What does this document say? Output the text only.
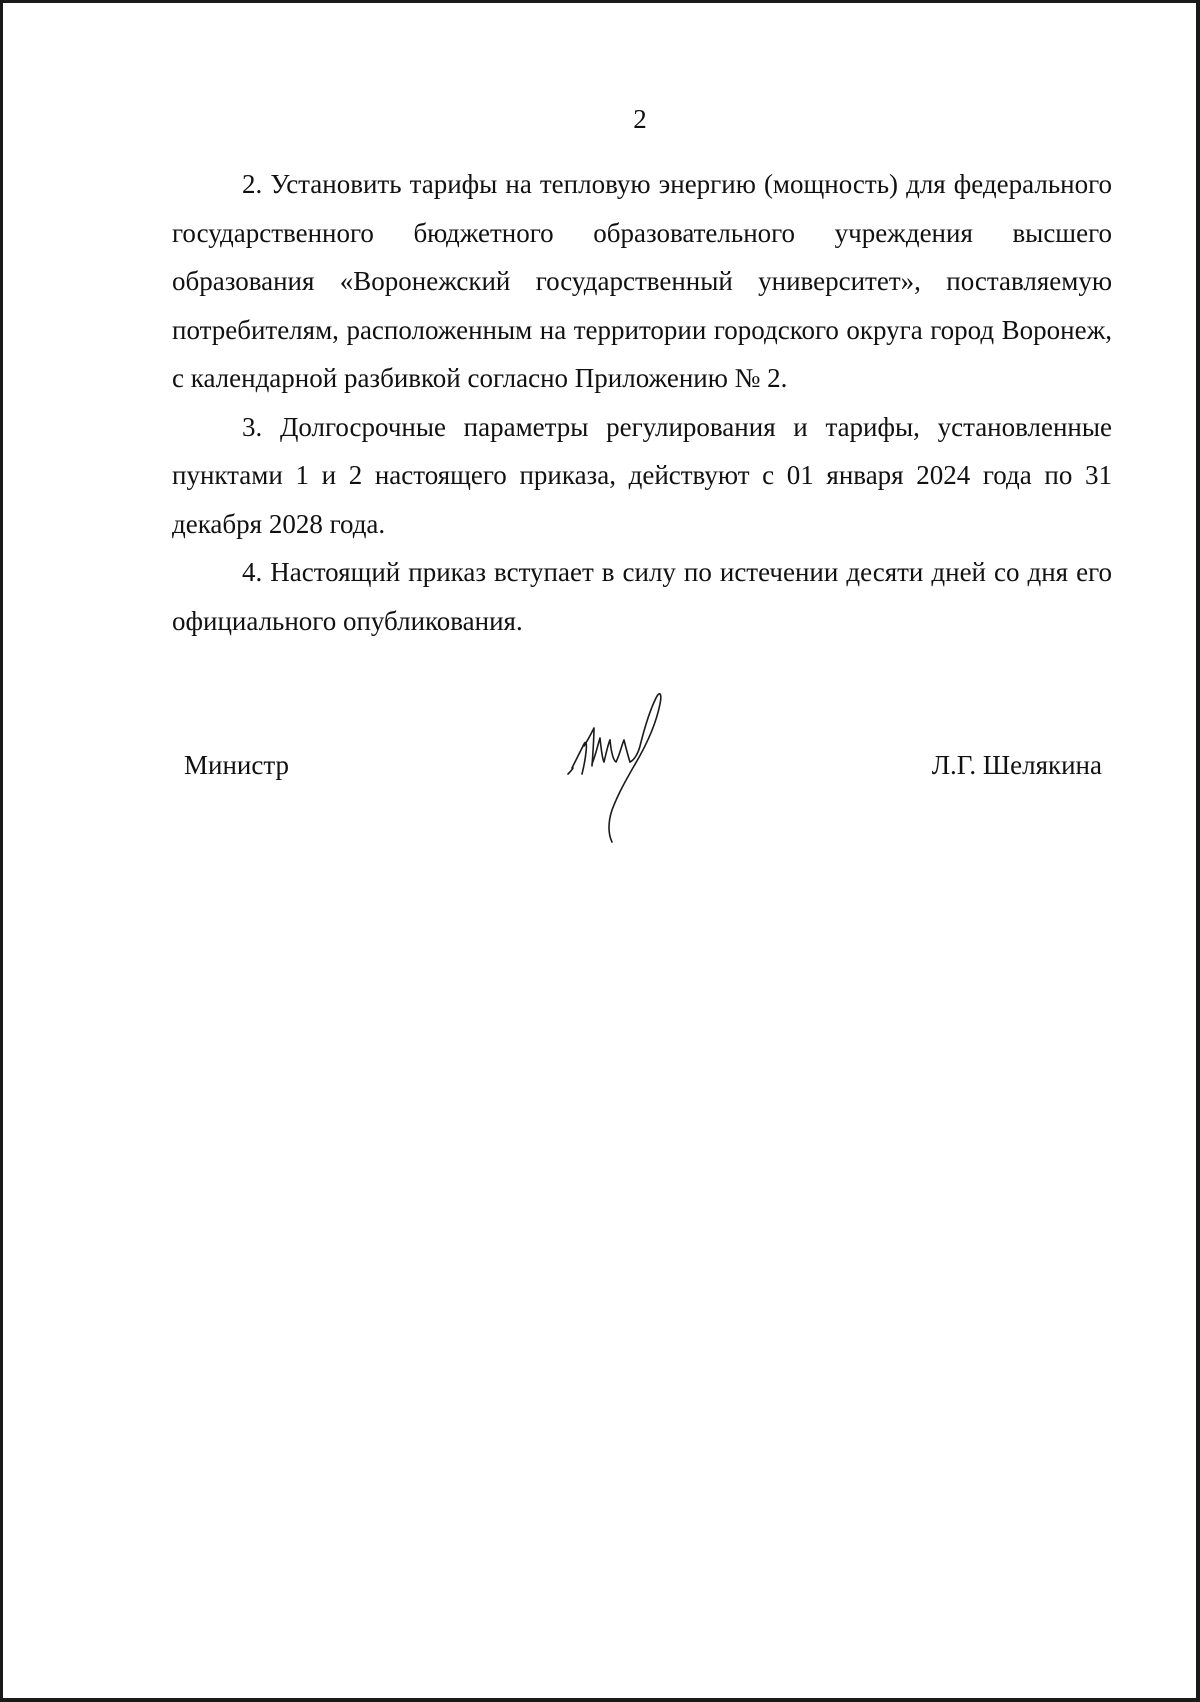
2

2. Установить тарифы на тепловую энергию (мощность) для федерального государственного бюджетного образовательного учреждения высшего образования «Воронежский государственный университет», поставляемую потребителям, расположенным на территории городского округа город Воронеж, с календарной разбивкой согласно Приложению № 2.

3. Долгосрочные параметры регулирования и тарифы, установленные пунктами 1 и 2 настоящего приказа, действуют с 01 января 2024 года по 31 декабря 2028 года.

4. Настоящий приказ вступает в силу по истечении десяти дней со дня его официального опубликования.

Министр	Л.Г. Шелякина
